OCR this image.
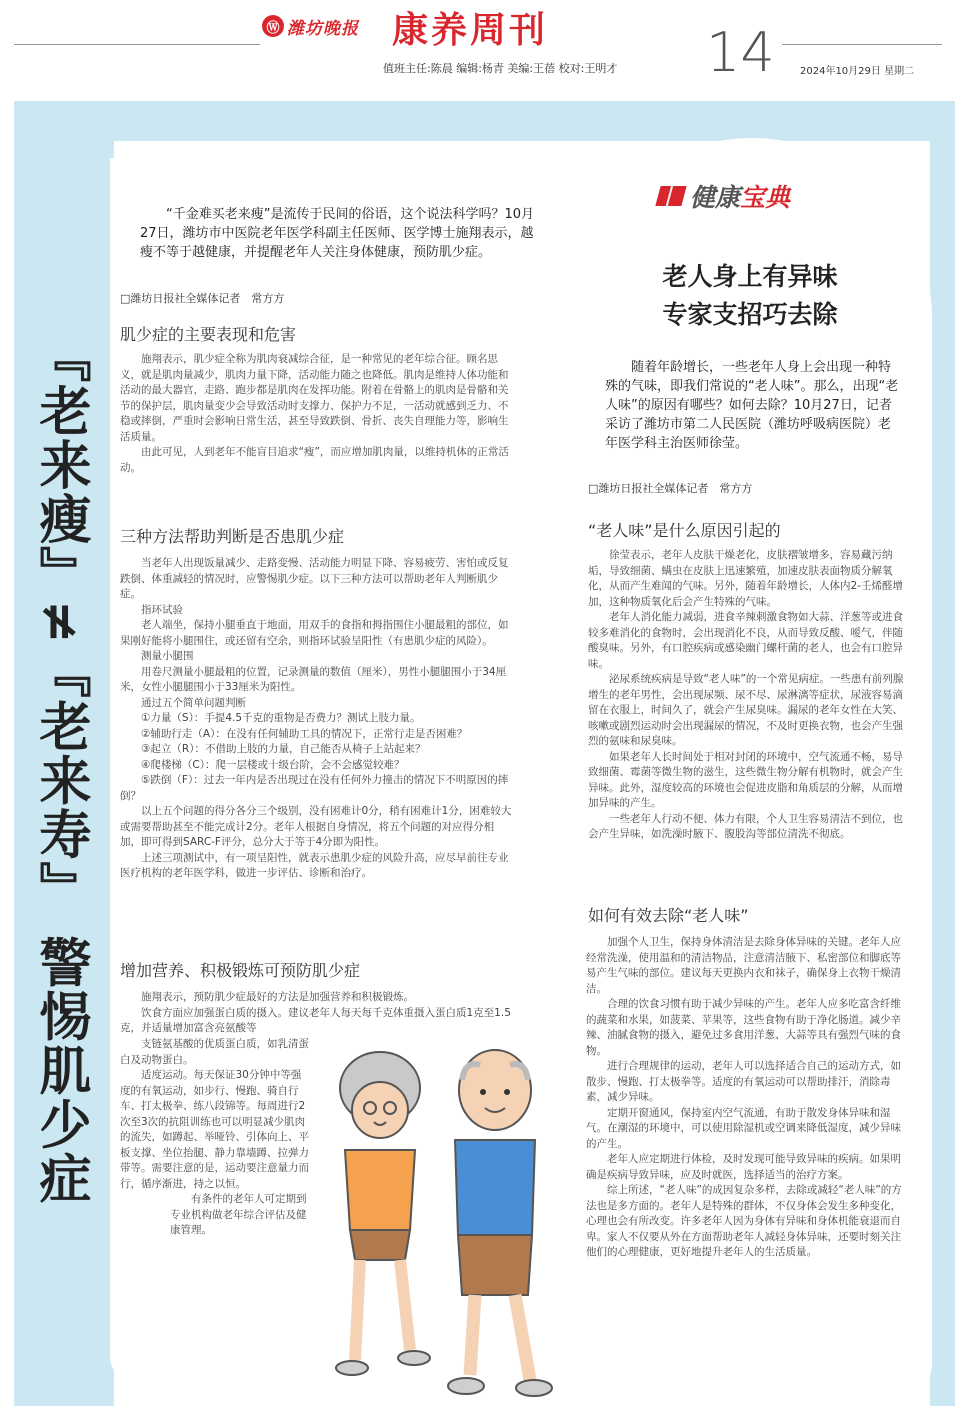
Ⓦ 潍坊晚报 康养周刊
值班主任:陈晨 编辑:杨青 美编:王蓓 校对:王明才 14	2024年10月29日 星期二
『老来瘦』≠『老来寿』 警惕肌少症
“千金难买老来瘦”是流传于民间的俗语，这个说法科学吗？10月27日，潍坊市中医院老年医学科副主任医师、医学博士施翔表示，越瘦不等于越健康，并提醒老年人关注身体健康，预防肌少症。
□潍坊日报社全媒体记者　常方方
肌少症的主要表现和危害

施翔表示，肌少症全称为肌肉衰减综合征，是一种常见的老年综合征。顾名思义，就是肌肉量减少，肌肉力量下降，活动能力随之也降低。肌肉是维持人体功能和活动的最大器官，走路、跑步都是肌肉在发挥功能。附着在骨骼上的肌肉是骨骼和关节的保护层，肌肉量变少会导致活动时支撑力、保护力不足，一活动就感到乏力、不稳或摔倒，严重时会影响日常生活，甚至导致跌倒、骨折、丧失自理能力等，影响生活质量。

由此可见，人到老年不能盲目追求“瘦”，而应增加肌肉量，以维持机体的正常活动。

三种方法帮助判断是否患肌少症

当老年人出现饭量减少、走路变慢、活动能力明显下降、容易疲劳、害怕或反复跌倒、体重减轻的情况时，应警惕肌少症。以下三种方法可以帮助老年人判断肌少症。

指环试验

老人端坐，保持小腿垂直于地面，用双手的食指和拇指围住小腿最粗的部位，如果刚好能将小腿围住，或还留有空余，则指环试验呈阳性（有患肌少症的风险）。

测量小腿围

用卷尺测量小腿最粗的位置，记录测量的数值（厘米），男性小腿腿围小于34厘米，女性小腿腿围小于33厘米为阳性。

通过五个简单问题判断

①力量（S）：手提4.5千克的重物是否费力？测试上肢力量。

②辅助行走（A）：在没有任何辅助工具的情况下，正常行走是否困难？

③起立（R）：不借助上肢的力量，自己能否从椅子上站起来？

④爬楼梯（C）：爬一层楼或十级台阶，会不会感觉较难？

⑤跌倒（F）：过去一年内是否出现过在没有任何外力撞击的情况下不明原因的摔倒？

以上五个问题的得分各分三个级别，没有困难计0分，稍有困难计1分，困难较大或需要帮助甚至不能完成计2分。老年人根据自身情况，将五个问题的对应得分相加，即可得到SARC-F评分，总分大于等于4分即为阳性。

上述三项测试中，有一项呈阳性，就表示患肌少症的风险升高，应尽早前往专业医疗机构的老年医学科，做进一步评估、诊断和治疗。

增加营养、积极锻炼可预防肌少症

施翔表示，预防肌少症最好的方法是加强营养和积极锻炼。

饮食方面应加强蛋白质的摄入。建议老年人每天每千克体重摄入蛋白质1克至1.5克，并适量增加富含亮氨酸等

支链氨基酸的优质蛋白质，如乳清蛋白及动物蛋白。

适度运动。每天保证30分钟中等强度的有氧运动，如步行、慢跑、骑自行车、打太极拳、练八段锦等。每周进行2次至3次的抗阻训练也可以明显减少肌肉的流失，如蹲起、举哑铃、引体向上、平板支撑、坐位抬腿、静力靠墙蹲、拉弹力带等。需要注意的是，运动要注意量力而行，循序渐进，持之以恒。

有条件的老年人可定期到专业机构做老年综合评估及健康管理。

健康 宝典
老人身上有异味
专家支招巧去除
随着年龄增长，一些老年人身上会出现一种特殊的气味，即我们常说的“老人味”。那么，出现“老人味”的原因有哪些？如何去除？10月27日，记者采访了潍坊市第二人民医院（潍坊呼吸病医院）老年医学科主治医师徐莹。
□潍坊日报社全媒体记者　常方方
“老人味”是什么原因引起的

徐莹表示，老年人皮肤干燥老化，皮肤褶皱增多，容易藏污纳垢，导致细菌、螨虫在皮肤上迅速繁殖，加速皮肤表面物质分解氧化，从而产生难闻的气味。另外，随着年龄增长，人体内2-壬烯醛增加，这种物质氧化后会产生特殊的气味。

老年人消化能力减弱，进食辛辣刺激食物如大蒜、洋葱等或进食较多难消化的食物时，会出现消化不良，从而导致反酸、嗳气，伴随酸臭味。另外，有口腔疾病或感染幽门螺杆菌的老人，也会有口腔异味。

泌尿系统疾病是导致“老人味”的一个常见病症。一些患有前列腺增生的老年男性，会出现尿频、尿不尽、尿淋漓等症状，尿液容易滴留在衣服上，时间久了，就会产生尿臭味。漏尿的老年女性在大笑、咳嗽或剧烈运动时会出现漏尿的情况，不及时更换衣物，也会产生强烈的氨味和尿臭味。

如果老年人长时间处于相对封闭的环境中，空气流通不畅，易导致细菌、霉菌等微生物的滋生，这些微生物分解有机物时，就会产生异味。此外，湿度较高的环境也会促进皮脂和角质层的分解，从而增加异味的产生。

一些老年人行动不便、体力有限，个人卫生容易清洁不到位，也会产生异味，如洗澡时腋下、腹股沟等部位清洗不彻底。

如何有效去除“老人味”

加强个人卫生，保持身体清洁是去除身体异味的关键。老年人应经常洗澡，使用温和的清洁物品，注意清洁腋下、私密部位和脚底等易产生气味的部位。建议每天更换内衣和袜子，确保身上衣物干燥清洁。

合理的饮食习惯有助于减少异味的产生。老年人应多吃富含纤维的蔬菜和水果，如菠菜、苹果等，这些食物有助于净化肠道。减少辛辣、油腻食物的摄入，避免过多食用洋葱、大蒜等具有强烈气味的食物。

进行合理规律的运动，老年人可以选择适合自己的运动方式，如散步、慢跑、打太极拳等。适度的有氧运动可以帮助排汗，消除毒素，减少异味。

定期开窗通风，保持室内空气流通，有助于散发身体异味和湿气。在潮湿的环境中，可以使用除湿机或空调来降低湿度，减少异味的产生。

老年人应定期进行体检，及时发现可能导致异味的疾病。如果明确是疾病导致异味，应及时就医，选择适当的治疗方案。

综上所述，“老人味”的成因复杂多样，去除或减轻“老人味”的方法也是多方面的。老年人是特殊的群体，不仅身体会发生多种变化，心理也会有所改变。许多老年人因为身体有异味和身体机能衰退而自卑。家人不仅要从外在方面帮助老年人减轻身体异味，还要时刻关注他们的心理健康，更好地提升老年人的生活质量。
